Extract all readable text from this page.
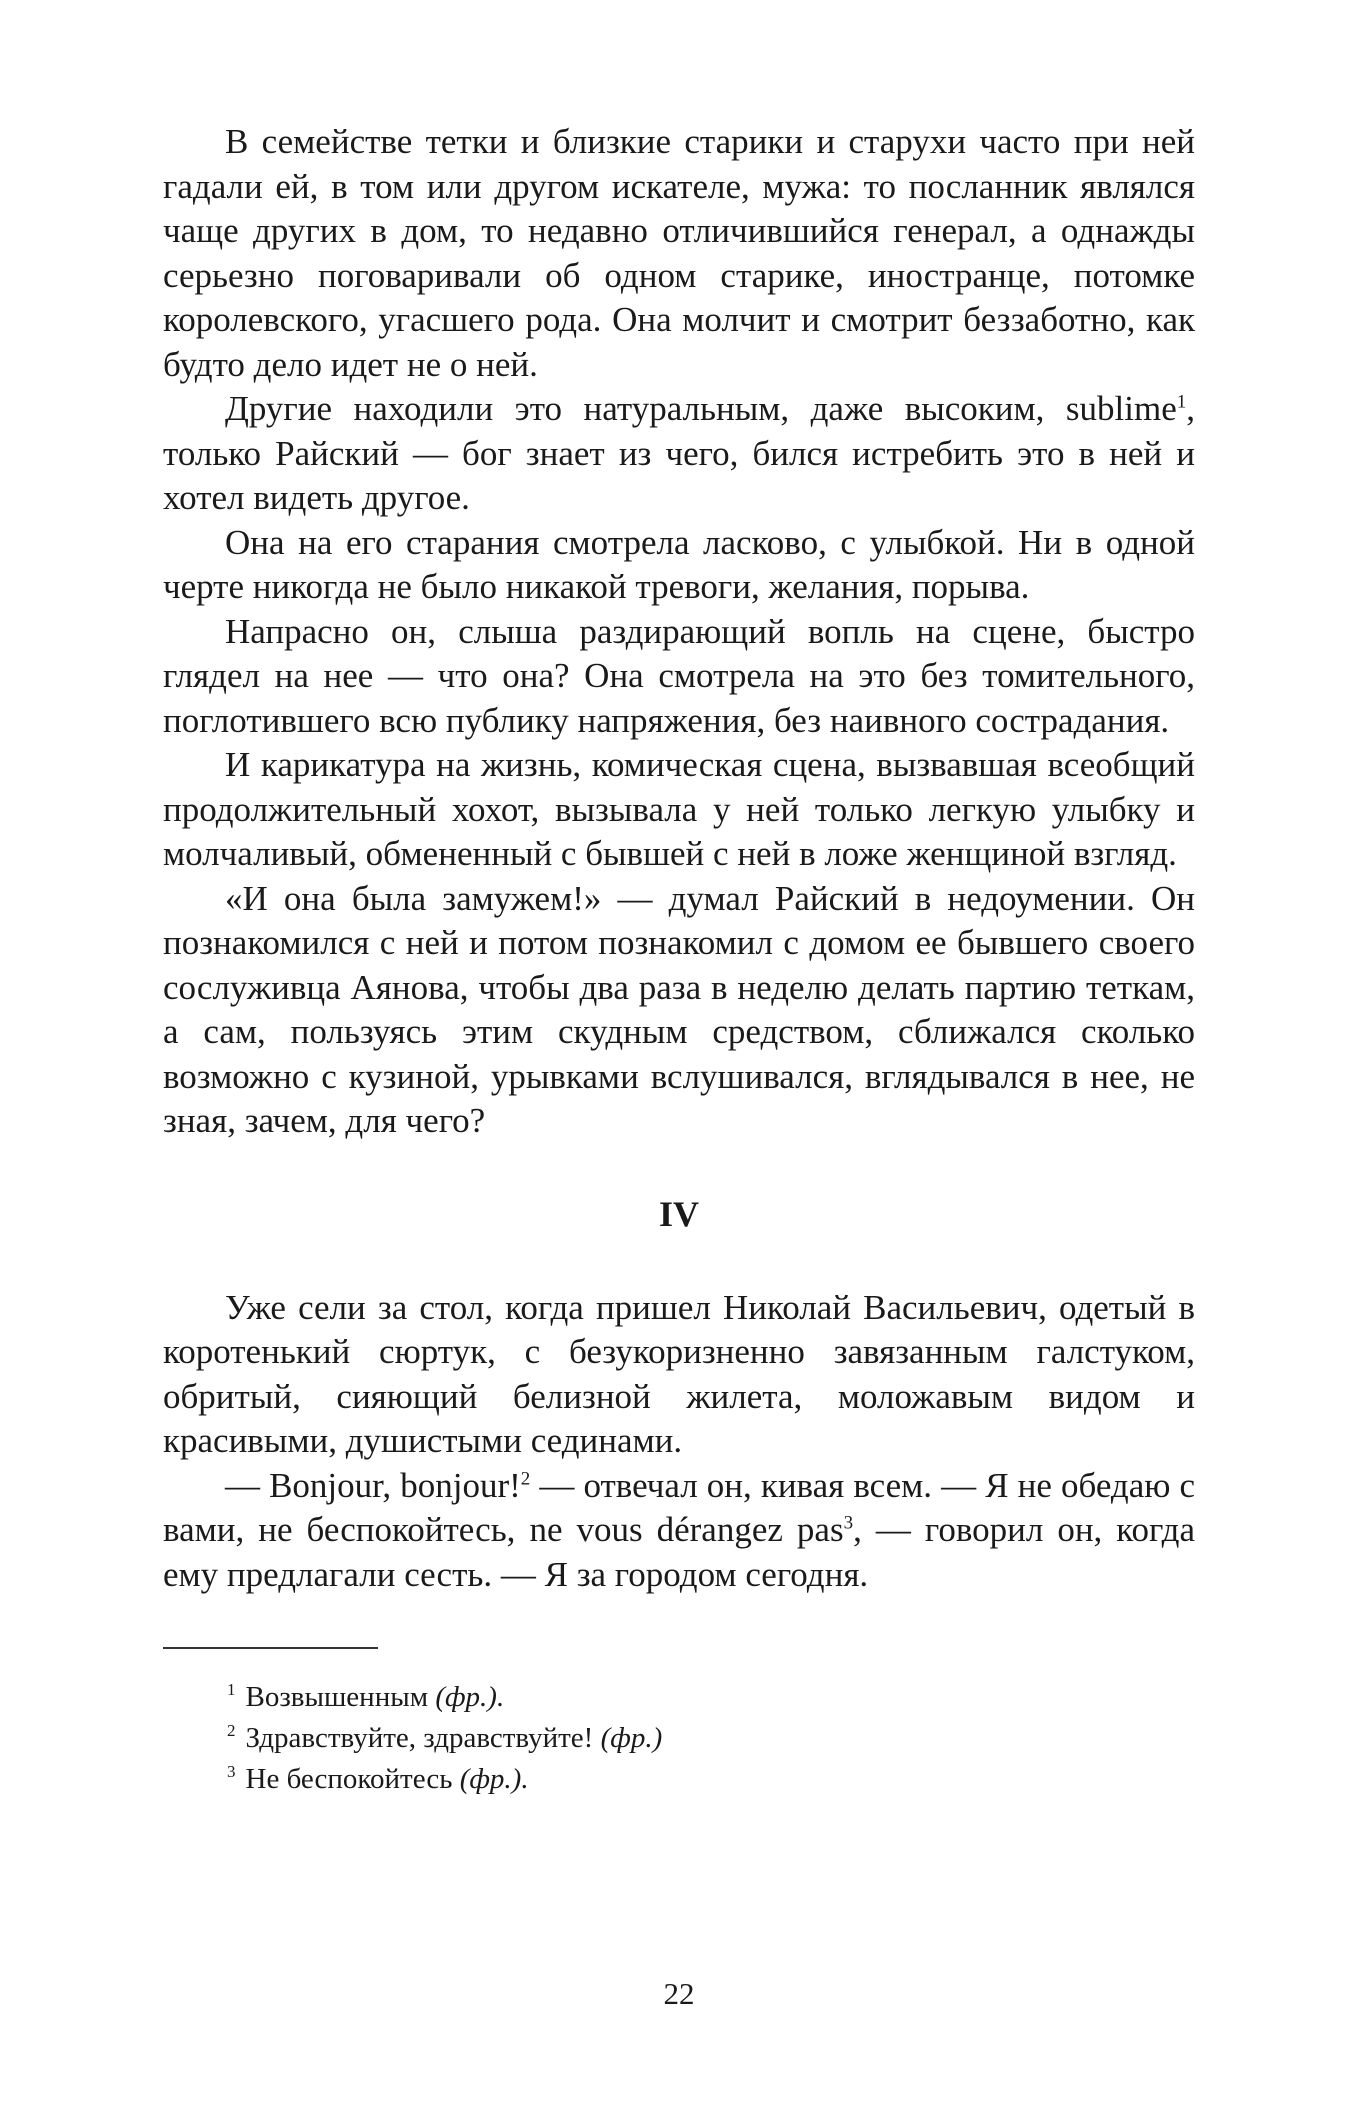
В семействе тетки и близкие старики и старухи часто при ней гадали ей, в том или другом искателе, мужа: то посланник являлся чаще других в дом, то недавно отличившийся генерал, а однажды серьезно поговаривали об одном старике, иностранце, потомке королевского, угасшего рода. Она молчит и смотрит беззаботно, как будто дело идет не о ней.

Другие находили это натуральным, даже высоким, sublime$^1$, только Райский — бог знает из чего, бился истребить это в ней и хотел видеть другое.

Она на его старания смотрела ласково, с улыбкой. Ни в одной черте никогда не было никакой тревоги, желания, порыва.

Напрасно он, слыша раздирающий вопль на сцене, быстро глядел на нее — что она? Она смотрела на это без томительного, поглотившего всю публику напряжения, без наивного сострадания.

И карикатура на жизнь, комическая сцена, вызвавшая всеобщий продолжительный хохот, вызывала у ней только легкую улыбку и молчаливый, обмененный с бывшей с ней в ложе женщиной взгляд.

«И она была замужем!» — думал Райский в недоумении. Он познакомился с ней и потом познакомил с домом ее бывшего своего сослуживца Аянова, чтобы два раза в неделю делать партию теткам, а сам, пользуясь этим скудным средством, сближался сколько возможно с кузиной, урывками вслушивался, вглядывался в нее, не зная, зачем, для чего?

IV

Уже сели за стол, когда пришел Николай Васильевич, одетый в коротенький сюртук, с безукоризненно завязанным галстуком, обритый, сияющий белизной жилета, моложавым видом и красивыми, душистыми сединами.

— Bonjour, bonjour!$^2$ — отвечал он, кивая всем. — Я не обедаю с вами, не беспокойтесь, ne vous dérangez pas$^3$, — говорил он, когда ему предлагали сесть. — Я за городом сегодня.

$^1$ Возвышенным (фр.).
$^2$ Здравствуйте, здравствуйте! (фр.)
$^3$ Не беспокойтесь (фр.).
22
